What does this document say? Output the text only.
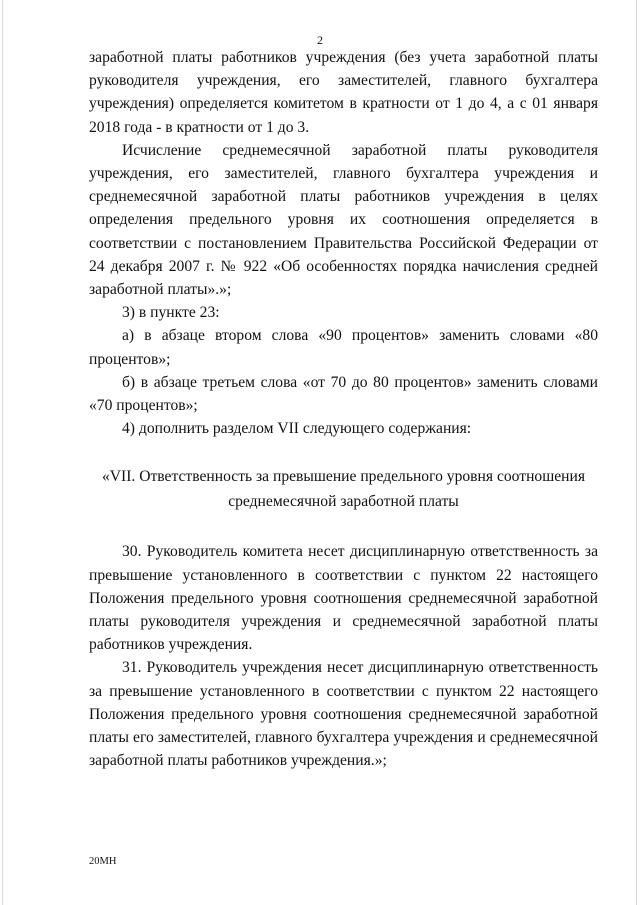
2

заработной платы работников учреждения (без учета заработной платы руководителя учреждения, его заместителей, главного бухгалтера учреждения) определяется комитетом в кратности от 1 до 4, а с 01 января 2018 года - в кратности от 1 до 3.

Исчисление среднемесячной заработной платы руководителя учреждения, его заместителей, главного бухгалтера учреждения и среднемесячной заработной платы работников учреждения в целях определения предельного уровня их соотношения определяется в соответствии с постановлением Правительства Российской Федерации от 24 декабря 2007 г. № 922 «Об особенностях порядка начисления средней заработной платы».»;

3) в пункте 23:

а) в абзаце втором слова «90 процентов» заменить словами «80 процентов»;

б) в абзаце третьем слова «от 70 до 80 процентов» заменить словами «70 процентов»;

4) дополнить разделом VII следующего содержания:

«VII. Ответственность за превышение предельного уровня соотношения

среднемесячной заработной платы

30. Руководитель комитета несет дисциплинарную ответственность за превышение установленного в соответствии с пунктом 22 настоящего Положения предельного уровня соотношения среднемесячной заработной платы руководителя учреждения и среднемесячной заработной платы работников учреждения.

31. Руководитель учреждения несет дисциплинарную ответственность за превышение установленного в соответствии с пунктом 22 настоящего Положения предельного уровня соотношения среднемесячной заработной платы его заместителей, главного бухгалтера учреждения и среднемесячной заработной платы работников учреждения.»;

20МН
